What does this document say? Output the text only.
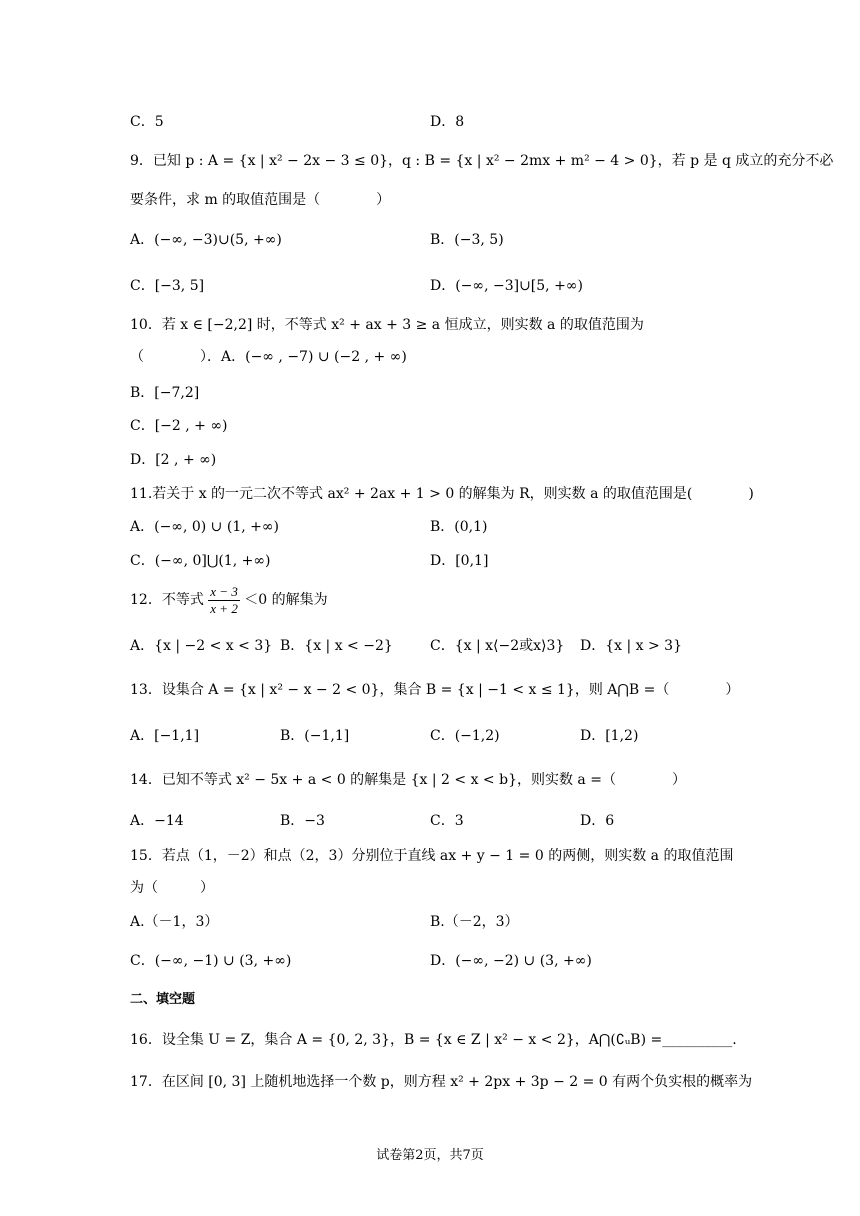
C．5	D．8
9．已知 p : A = {x | x² − 2x − 3 ≤ 0}，q : B = {x | x² − 2mx + m² − 4 > 0}，若 p 是 q 成立的充分不必
要条件，求 m 的取值范围是（　　　　）
A．(−∞, −3)∪(5, +∞)	B．(−3, 5)
C．[−3, 5]	D．(−∞, −3]∪[5, +∞)
10．若 x ∈ [−2,2] 时，不等式 x² + ax + 3 ≥ a 恒成立，则实数 a 的取值范围为
（　　　　）．A．(−∞ , −7) ∪ (−2 , + ∞)
B．[−7,2]
C．[−2 , + ∞)
D．[2 , + ∞)
11.若关于 x 的一元二次不等式 ax² + 2ax + 1 > 0 的解集为 R，则实数 a 的取值范围是(　　　　)
A．(−∞, 0) ∪ (1, +∞)	B．(0,1)
C．(−∞, 0]⋃(1, +∞)	D．[0,1]
12．不等式 $\frac{x - 3}{x + 2} <0$ 的解集为
A．{x | −2 < x < 3} B．{x | x < −2}	C．{x | x⟨−2或x⟩3} D．{x | x > 3}
13．设集合 A = {x | x² − x − 2 < 0}，集合 B = {x | −1 < x ≤ 1}，则 A⋂B =（　　　　）
A．[−1,1]	B．(−1,1]	C．(−1,2)	D．[1,2)
14．已知不等式 x² − 5x + a < 0 的解集是 {x | 2 < x < b}，则实数 a =（　　　　）
A．−14	B．−3	C．3	D．6
15．若点（1，－2）和点（2，3）分别位于直线 ax + y − 1 = 0 的两侧，则实数 a 的取值范围
为（　　　）
A.（－1，3）	B.（－2，3）
C．(−∞, −1) ∪ (3, +∞)	D．(−∞, −2) ∪ (3, +∞)
二、填空题
16．设全集 U = Z，集合 A = {0, 2, 3}，B = {x ∈ Z | x² − x < 2}，A⋂(∁ᵤB) =__________.
17．在区间 [0, 3] 上随机地选择一个数 p，则方程 x² + 2px + 3p − 2 = 0 有两个负实根的概率为
试卷第2页，共7页
